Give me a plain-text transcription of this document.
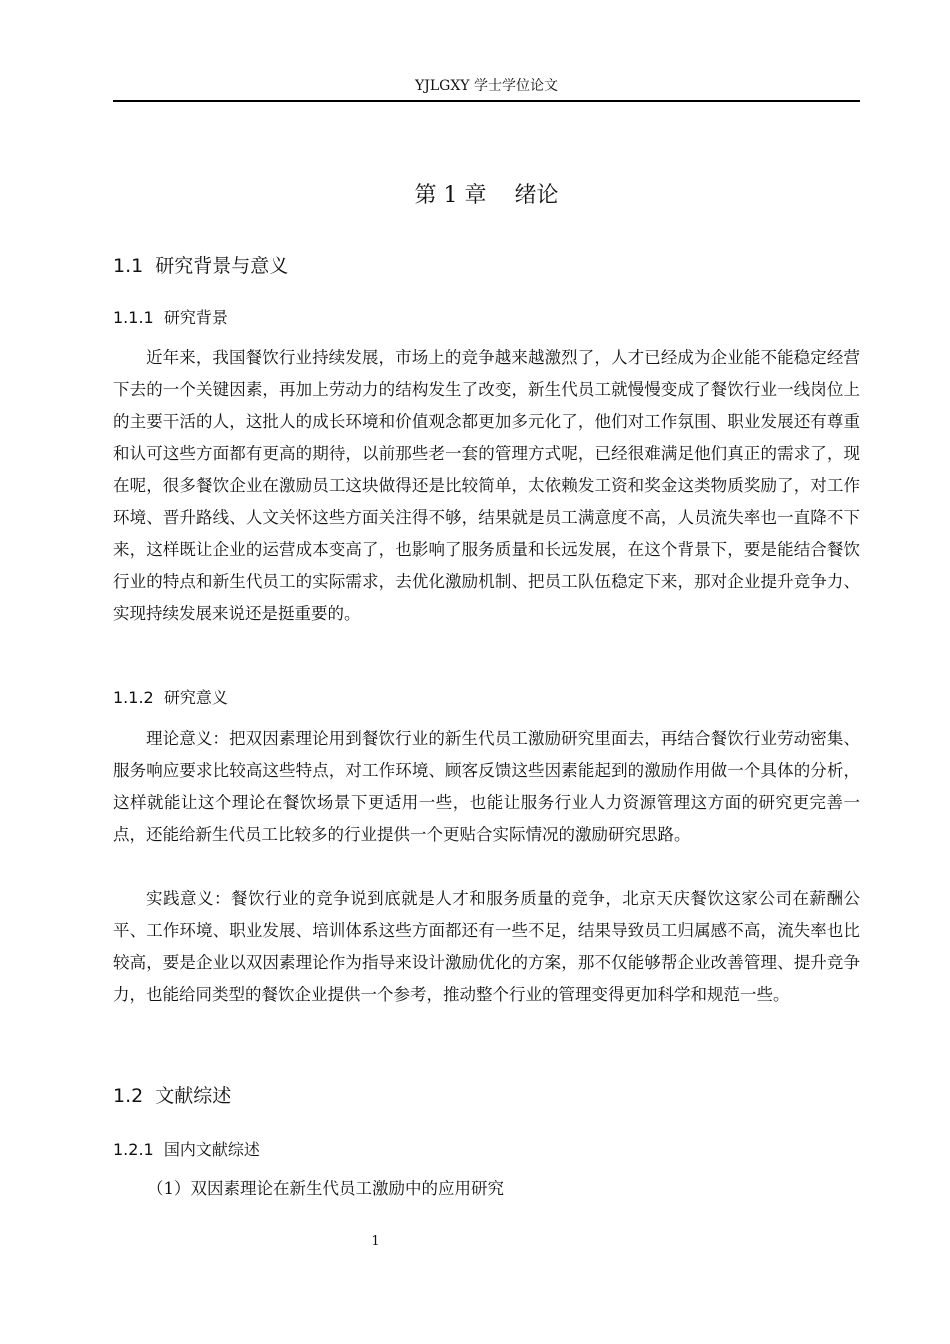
YJLGXY 学士学位论文
第 1 章    绪论
1.1  研究背景与意义
1.1.1  研究背景

近年来，我国餐饮行业持续发展，市场上的竞争越来越激烈了，人才已经成为企业能不能稳定经营下去的一个关键因素，再加上劳动力的结构发生了改变，新生代员工就慢慢变成了餐饮行业一线岗位上的主要干活的人，这批人的成长环境和价值观念都更加多元化了，他们对工作氛围、职业发展还有尊重和认可这些方面都有更高的期待，以前那些老一套的管理方式呢，已经很难满足他们真正的需求了，现在呢，很多餐饮企业在激励员工这块做得还是比较简单，太依赖发工资和奖金这类物质奖励了，对工作环境、晋升路线、人文关怀这些方面关注得不够，结果就是员工满意度不高，人员流失率也一直降不下来，这样既让企业的运营成本变高了，也影响了服务质量和长远发展，在这个背景下，要是能结合餐饮行业的特点和新生代员工的实际需求，去优化激励机制、把员工队伍稳定下来，那对企业提升竞争力、实现持续发展来说还是挺重要的。

1.1.2  研究意义

理论意义：把双因素理论用到餐饮行业的新生代员工激励研究里面去，再结合餐饮行业劳动密集、服务响应要求比较高这些特点，对工作环境、顾客反馈这些因素能起到的激励作用做一个具体的分析，这样就能让这个理论在餐饮场景下更适用一些，也能让服务行业人力资源管理这方面的研究更完善一点，还能给新生代员工比较多的行业提供一个更贴合实际情况的激励研究思路。

实践意义：餐饮行业的竞争说到底就是人才和服务质量的竞争，北京天庆餐饮这家公司在薪酬公平、工作环境、职业发展、培训体系这些方面都还有一些不足，结果导致员工归属感不高，流失率也比较高，要是企业以双因素理论作为指导来设计激励优化的方案，那不仅能够帮企业改善管理、提升竞争力，也能给同类型的餐饮企业提供一个参考，推动整个行业的管理变得更加科学和规范一些。

1.2  文献综述
1.2.1  国内文献综述
（1）双因素理论在新生代员工激励中的应用研究
1
